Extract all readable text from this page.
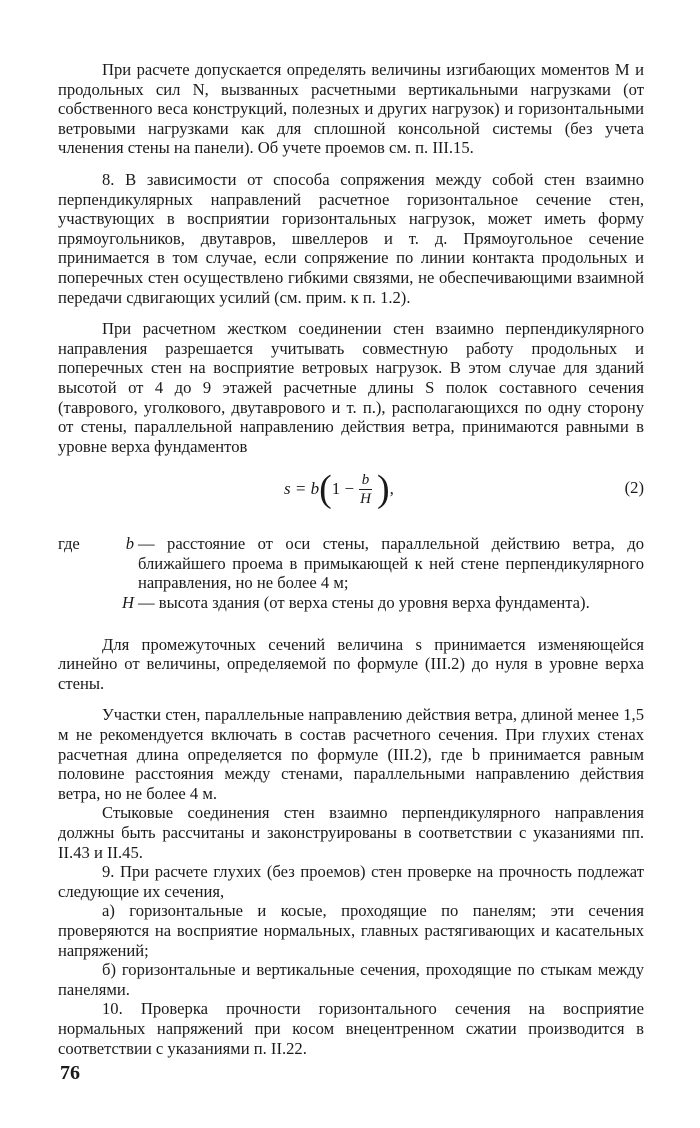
При расчете допускается определять величины изгибающих моментов M и продольных сил N, вызванных расчетными вертикальными нагрузками (от собственного веса конструкций, полезных и других нагрузок) и горизонтальными ветровыми нагрузками как для сплошной консольной системы (без учета членения стены на панели). Об учете проемов см. п. III.15.

8. В зависимости от способа сопряжения между собой стен взаимно перпендикулярных направлений расчетное горизонтальное сечение стен, участвующих в восприятии горизонтальных нагрузок, может иметь форму прямоугольников, двутавров, швеллеров и т. д. Прямоугольное сечение принимается в том случае, если сопряжение по линии контакта продольных и поперечных стен осуществлено гибкими связями, не обеспечивающими взаимной передачи сдвигающих усилий (см. прим. к п. 1.2).

При расчетном жестком соединении стен взаимно перпендикулярного направления разрешается учитывать совместную работу продольных и поперечных стен на восприятие ветровых нагрузок. В этом случае для зданий высотой от 4 до 9 этажей расчетные длины S полок составного сечения (таврового, уголкового, двутаврового и т. п.), располагающихся по одну сторону от стены, параллельной направлению действия ветра, принимаются равными в уровне верха фундаментов

s = b ( $1 - \frac{b}{H}$ ) ,	(2)
где	b — расстояние от оси стены, параллельной действию ветра, до ближайшего проема в примыкающей к ней стене перпендикулярного направления, но не более 4 м;
H — высота здания (от верха стены до уровня верха фундамента).

Для промежуточных сечений величина s принимается изменяющейся линейно от величины, определяемой по формуле (III.2) до нуля в уровне верха стены.

Участки стен, параллельные направлению действия ветра, длиной менее 1,5 м не рекомендуется включать в состав расчетного сечения. При глухих стенах расчетная длина определяется по формуле (III.2), где b принимается равным половине расстояния между стенами, параллельными направлению действия ветра, но не более 4 м.

Стыковые соединения стен взаимно перпендикулярного направления должны быть рассчитаны и законструированы в соответствии с указаниями пп. II.43 и II.45.

9. При расчете глухих (без проемов) стен проверке на прочность подлежат следующие их сечения,

а) горизонтальные и косые, проходящие по панелям; эти сечения проверяются на восприятие нормальных, главных растягивающих и касательных напряжений;

б) горизонтальные и вертикальные сечения, проходящие по стыкам между панелями.

10. Проверка прочности горизонтального сечения на восприятие нормальных напряжений при косом внецентренном сжатии производится в соответствии с указаниями п. II.22.

76
